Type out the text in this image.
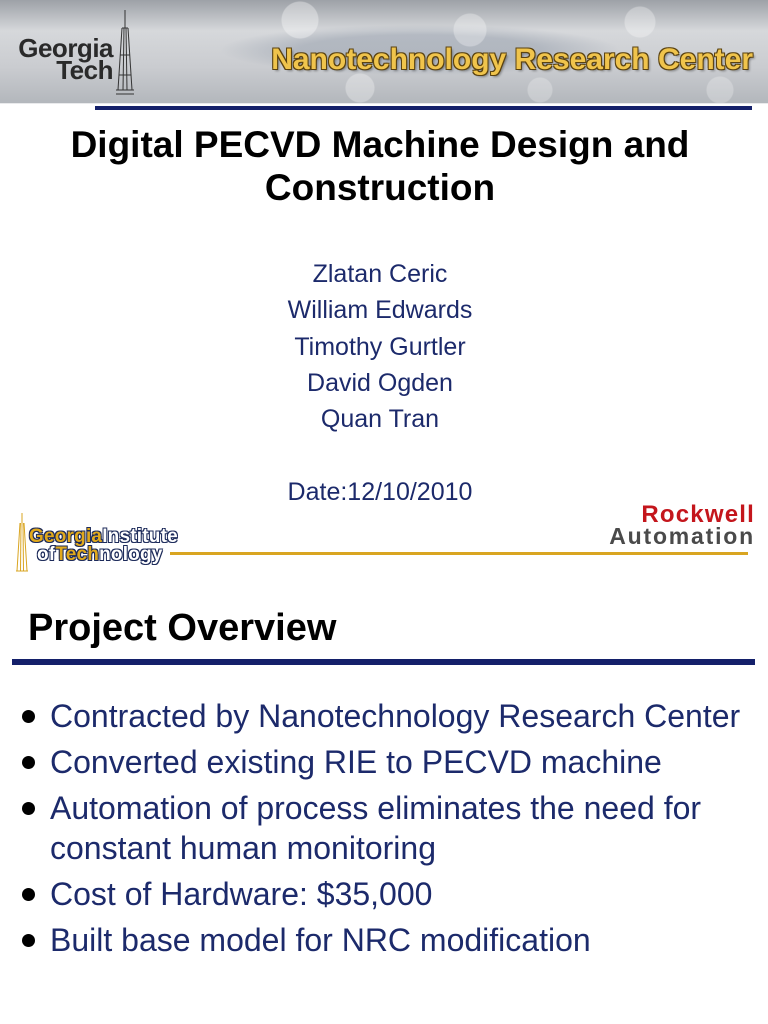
Georgia
Tech	Nanotechnology Research Center
Digital PECVD Machine Design and Construction
Zlatan Ceric
William Edwards
Timothy Gurtler
David Ogden
Quan Tran
Date:12/10/2010
GeorgiaInstitute
ofTechnology
Rockwell
Automation
Project Overview
Contracted by Nanotechnology Research Center
Converted existing RIE to PECVD machine
Automation of process eliminates the need for constant human monitoring
Cost of Hardware: $35,000
Built base model for NRC modification
